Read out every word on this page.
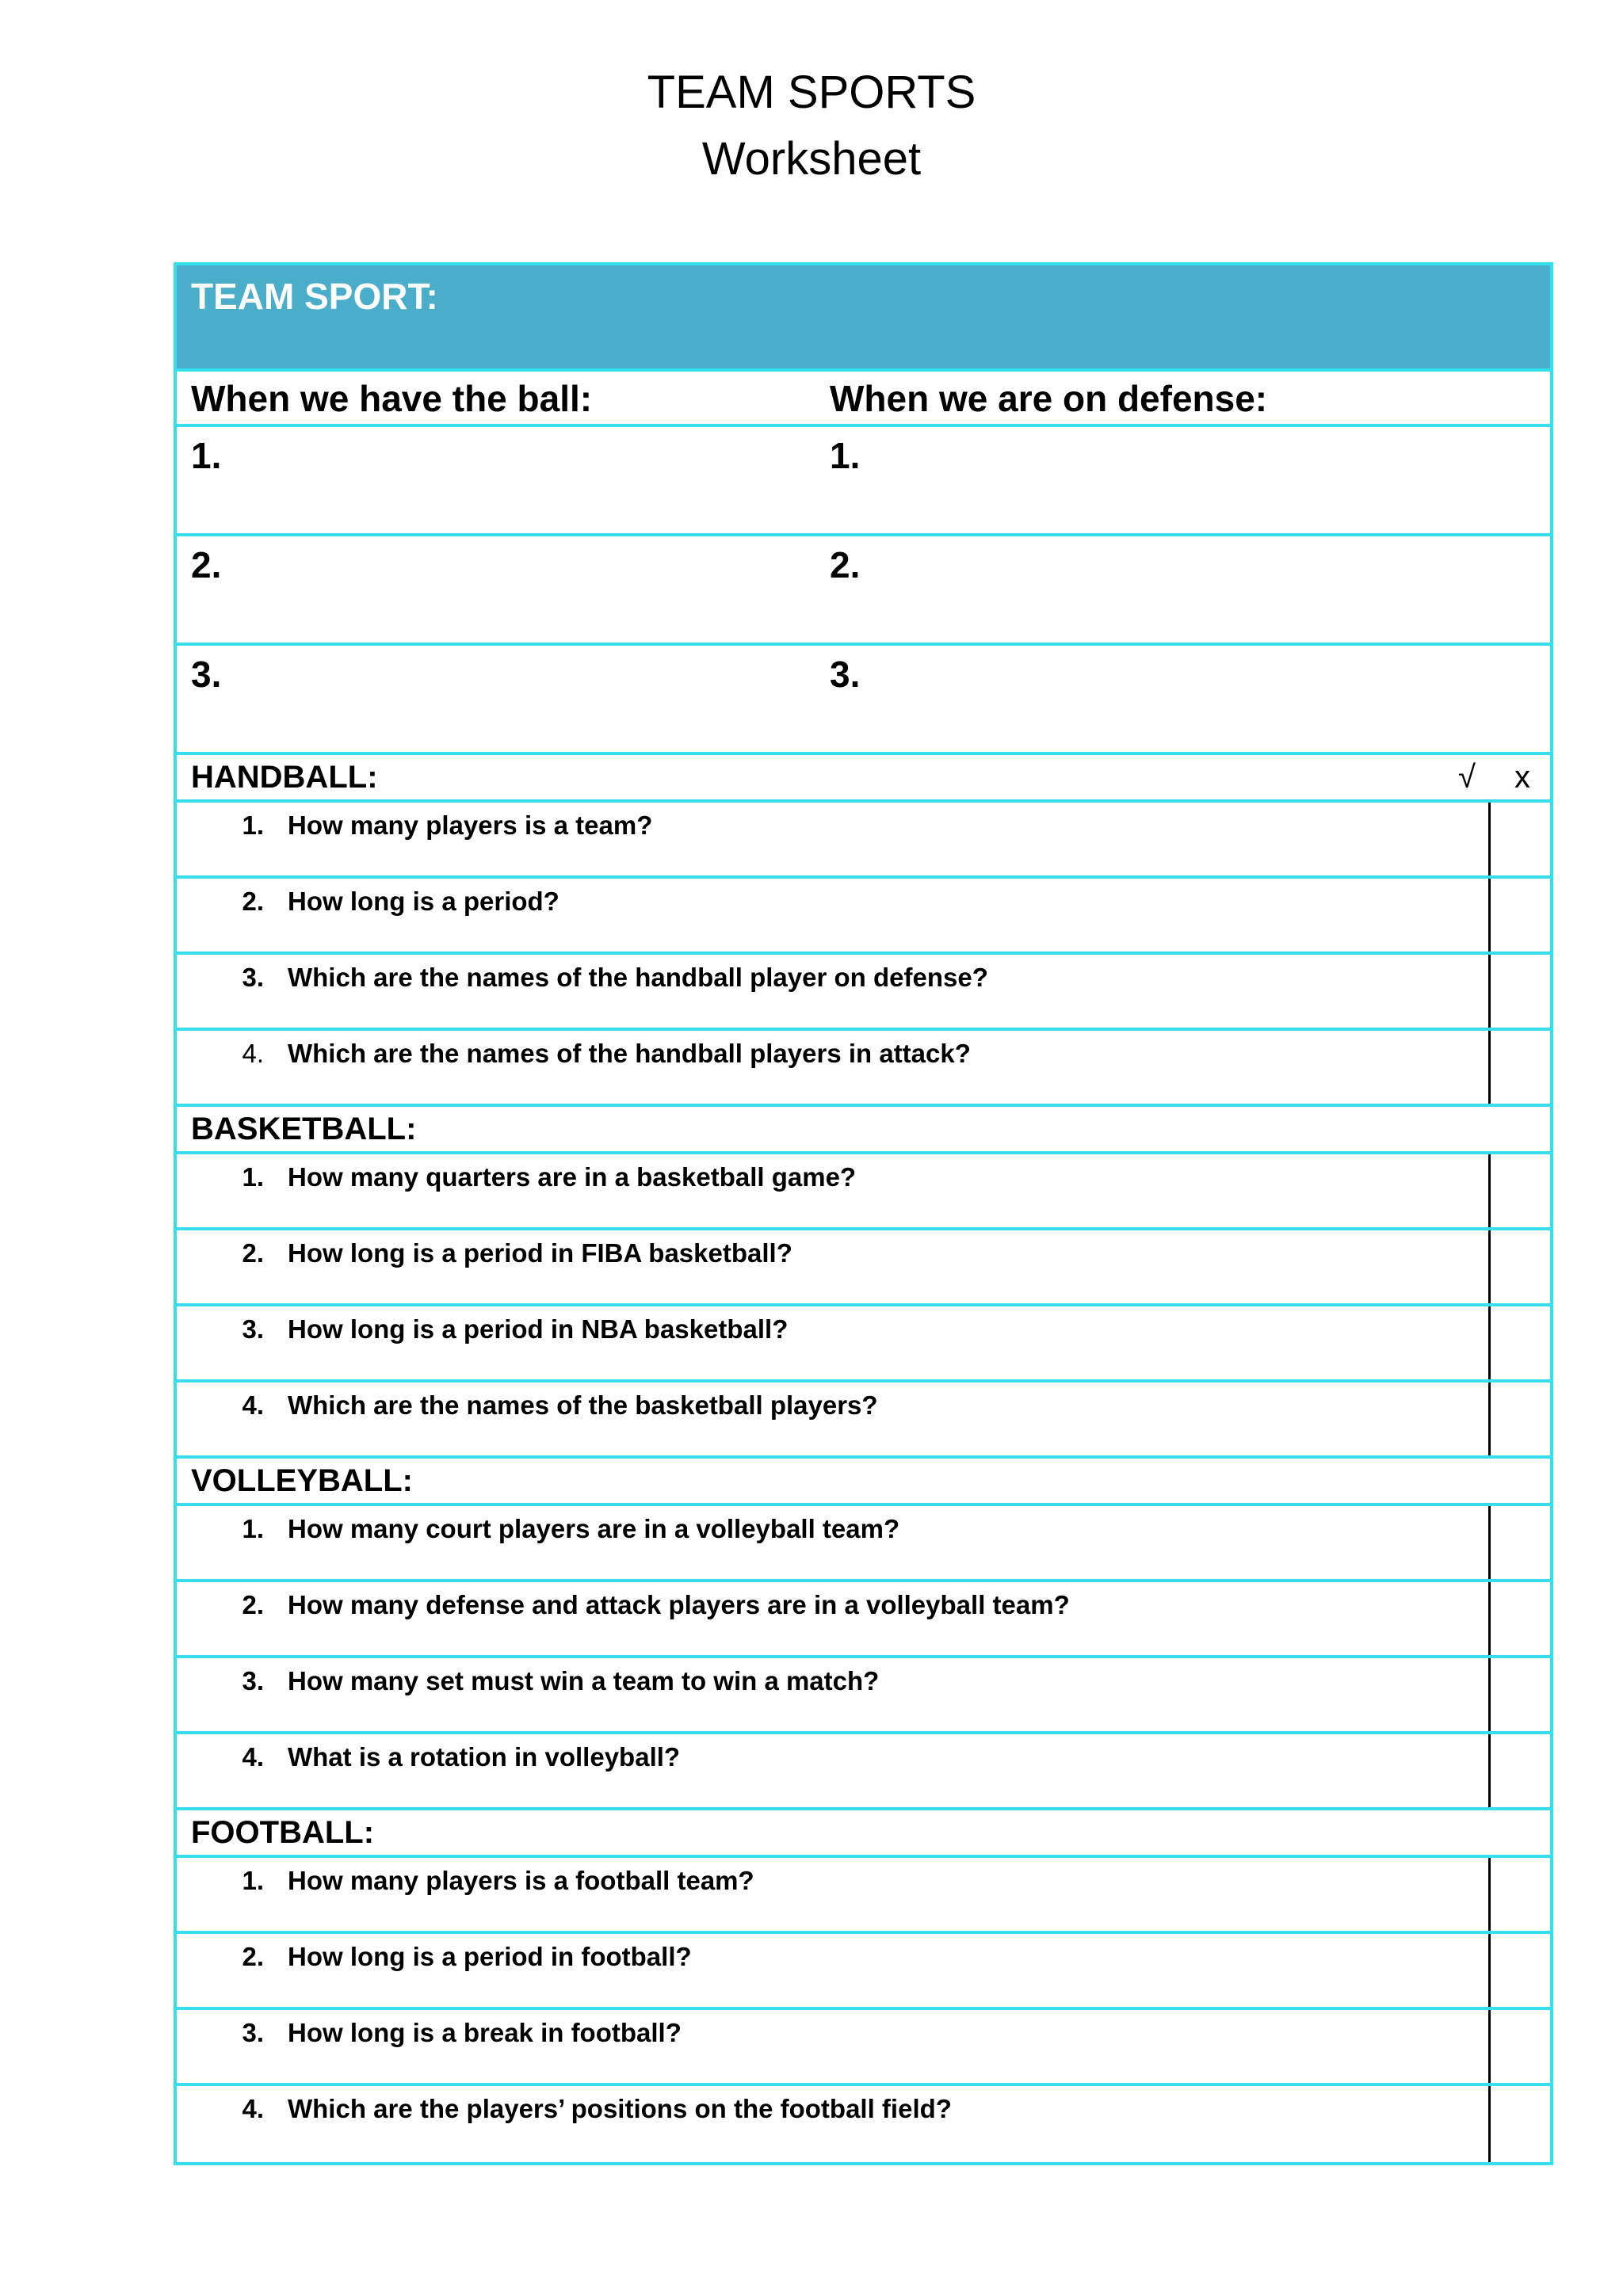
TEAM SPORTS
Worksheet
TEAM SPORT:
When we have the ball:	When we are on defense:
1.	1.
2.	2.
3.	3.
HANDBALL:	√	x
1. How many players is a team?
2. How long is a period?
3. Which are the names of the handball player on defense?
4. Which are the names of the handball players in attack?
BASKETBALL:
1. How many quarters are in a basketball game?
2. How long is a period in FIBA basketball?
3. How long is a period in NBA basketball?
4. Which are the names of the basketball players?
VOLLEYBALL:
1. How many court players are in a volleyball team?
2. How many defense and attack players are in a volleyball team?
3. How many set must win a team to win a match?
4. What is a rotation in volleyball?
FOOTBALL:
1. How many players is a football team?
2. How long is a period in football?
3. How long is a break in football?
4. Which are the players’ positions on the football field?
